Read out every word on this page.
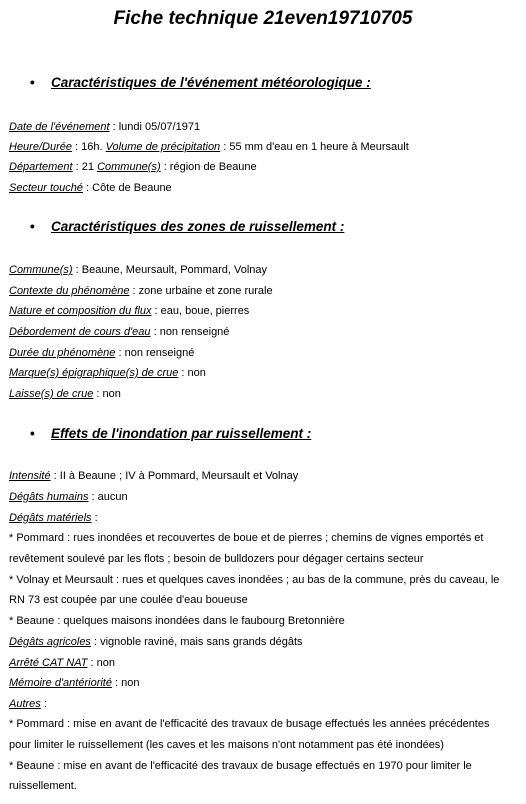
Fiche technique 21even19710705
• Caractéristiques de l'événement météorologique :
Date de l'événement : lundi 05/07/1971
Heure/Durée : 16h. Volume de précipitation : 55 mm d'eau en 1 heure à Meursault
Département : 21 Commune(s) : région de Beaune
Secteur touché : Côte de Beaune
• Caractéristiques des zones de ruissellement :
Commune(s) : Beaune, Meursault, Pommard, Volnay
Contexte du phénomène : zone urbaine et zone rurale
Nature et composition du flux : eau, boue, pierres
Débordement de cours d'eau : non renseigné
Durée du phénomène : non renseigné
Marque(s) épigraphique(s) de crue : non
Laisse(s) de crue : non
• Effets de l'inondation par ruissellement :
Intensité : II à Beaune ; IV à Pommard, Meursault et Volnay
Dégâts humains : aucun
Dégâts matériels :
* Pommard : rues inondées et recouvertes de boue et de pierres ; chemins de vignes emportés et
revêtement soulevé par les flots ; besoin de bulldozers pour dégager certains secteur
* Volnay et Meursault : rues et quelques caves inondées ; au bas de la commune, près du caveau, le
RN 73 est coupée par une coulée d'eau boueuse
* Beaune : quelques maisons inondées dans le faubourg Bretonnière
Dégâts agricoles : vignoble raviné, mais sans grands dégâts
Arrêté CAT NAT : non
Mémoire d'antériorité : non
Autres :
* Pommard : mise en avant de l'efficacité des travaux de busage effectués les années précédentes
pour limiter le ruissellement (les caves et les maisons n'ont notamment pas été inondées)
* Beaune : mise en avant de l'efficacité des travaux de busage effectués en 1970 pour limiter le
ruissellement.
